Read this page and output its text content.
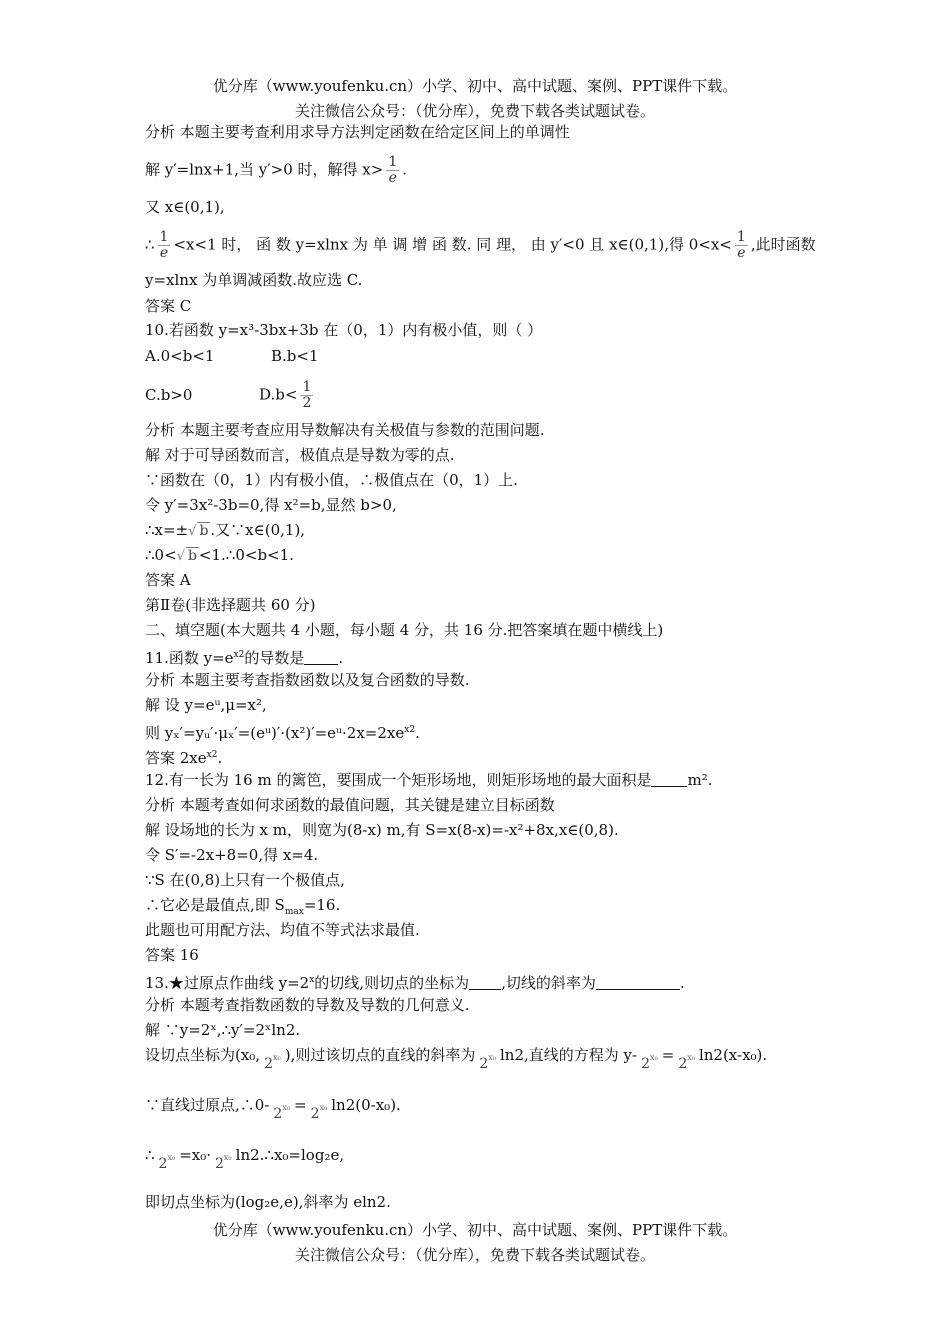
优分库（www.youfenku.cn）小学、初中、高中试题、案例、PPT课件下载。
关注微信公众号：（优分库），免费下载各类试题试卷。
分析 本题主要考查利用求导方法判定函数在给定区间上的单调性
解 y′=lnx+1,当 y′>0 时，解得 $x> \frac{1}{e}$ .
又 x∈(0,1),
∴ $\frac{1}{e} <x<1$ 时， 函 数 y=xlnx 为 单 调 增 函 数. 同 理， 由 y′<0 且 x∈(0,1),得 $0<x< \frac{1}{e}$ ,此时函数
y=xlnx 为单调减函数.故应选 C.
答案 C
10.若函数 y=x³-3bx+3b 在（0，1）内有极小值，则（ ）
A.0<b<1	B.b<1
C.b>0	$D.b< \frac{1}{2}$
分析 本题主要考查应用导数解决有关极值与参数的范围问题.
解 对于可导函数而言，极值点是导数为零的点.
∵函数在（0，1）内有极小值，∴极值点在（0，1）上.
令 y′=3x²-3b=0,得 x²=b,显然 b>0,
∴x=±√ b .又∵x∈(0,1),
∴0<√ b <1.∴0<b<1.
答案 A
第Ⅱ卷(非选择题共 60 分)
二、填空题(本大题共 4 小题，每小题 4 分，共 16 分.把答案填在题中横线上)
11.函数 $y=e^{x2}$的导数是 .
分析 本题主要考查指数函数以及复合函数的导数.
解 设 y=eᵘ,μ=x²,
则 $y_x'=yᵤ'\cdot\mu_x'=(eᵘ)'\cdot(x^2)'=eᵘ\cdot 2x=2xe^{x2}$.
答案 $2xe^{x2}$.
12.有一长为 16 m 的篱笆，要围成一个矩形场地，则矩形场地的最大面积是 m².
分析 本题考查如何求函数的最值问题，其关键是建立目标函数
解 设场地的长为 x m，则宽为(8-x) m,有 S=x(8-x)=-x²+8x,x∈(0,8).
令 S′=-2x+8=0,得 x=4.
∵S 在(0,8)上只有一个极值点,
∴它必是最值点,即 $S_{max}=16$.
此题也可用配方法、均值不等式法求最值.
答案 16
13.★过原点作曲线 $y=2^x$的切线,则切点的坐标为 ,切线的斜率为	.
分析 本题考查指数函数的导数及导数的几何意义.
解 ∵y=2ˣ,∴y′=2ˣln2.
设切点坐标为(x₀, $2^{x_0}$ ),则过该切点的直线的斜率为 $2^{x_0}$ ln2,直线的方程为 y- $2^{x_0} = 2^{x_0}$ ln2(x-x₀).
∵直线过原点,∴0- $2^{x_0} = 2^{x_0}$ ln2(0-x₀).
∴ $2^{x_0} =x_0\cdot 2^{x_0}$ ln2.∴x₀=log₂e,
即切点坐标为(log₂e,e),斜率为 eln2.
优分库（www.youfenku.cn）小学、初中、高中试题、案例、PPT课件下载。
关注微信公众号：（优分库），免费下载各类试题试卷。
